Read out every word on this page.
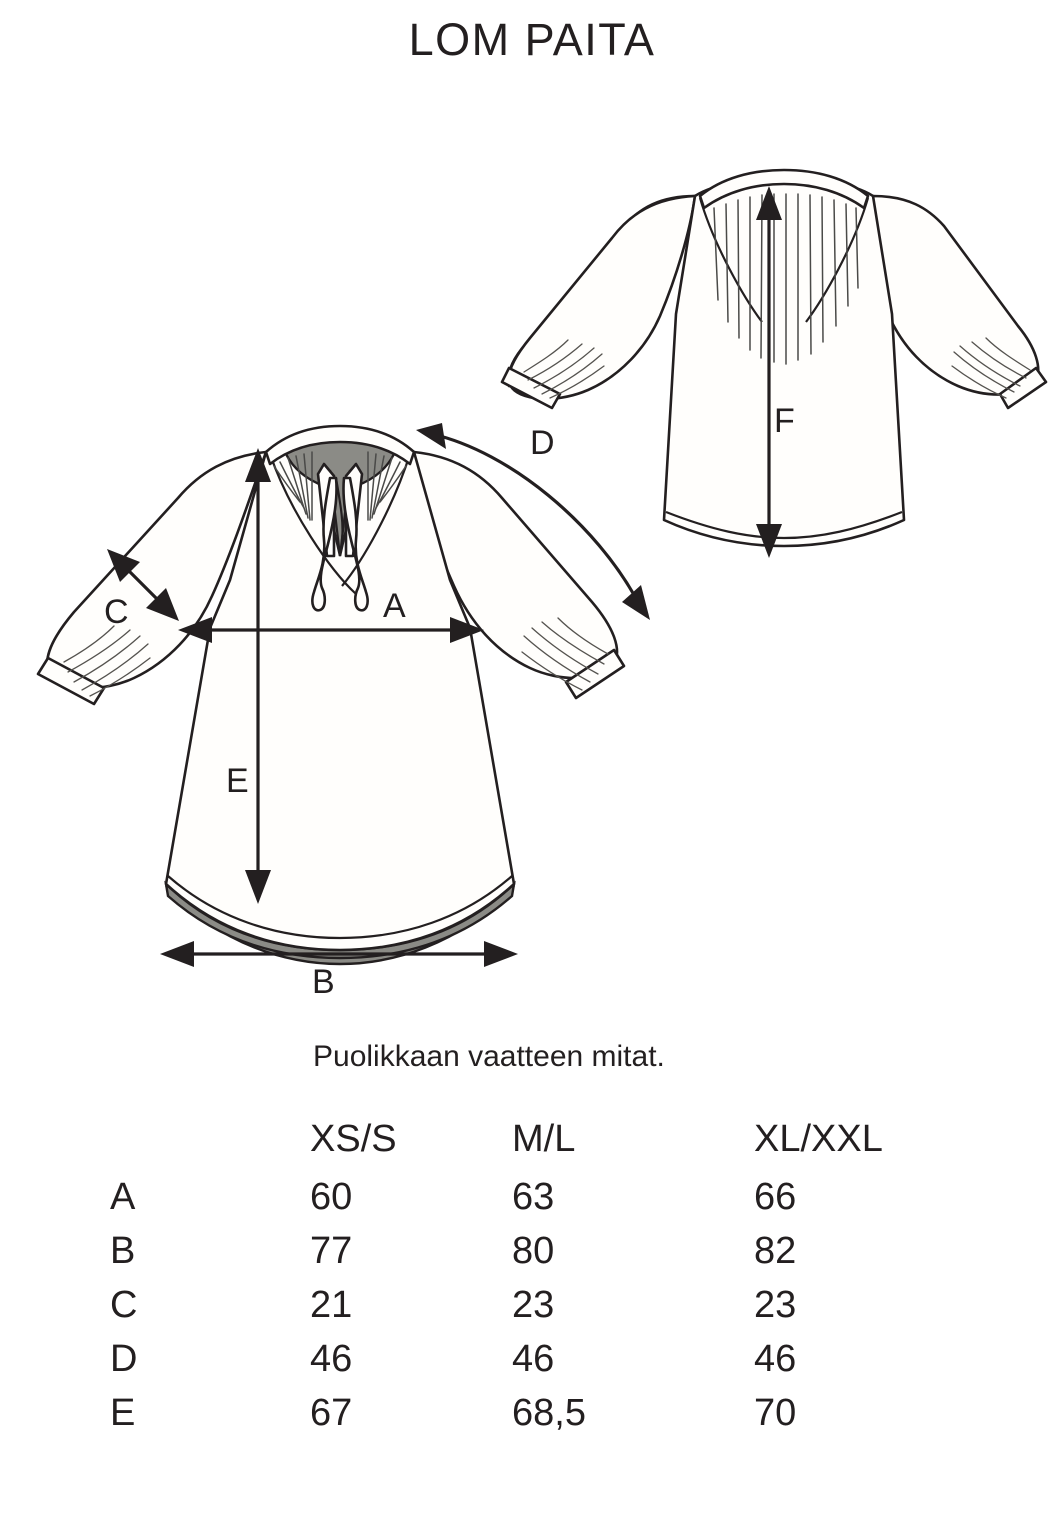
LOM PAITA
F
A
B
C
D
E
Puolikkaan vaatteen mitat.
XS/S	M/L	XL/XXL
A	60	63	66
B	77	80	82
C	21	23	23
D	46	46	46
E	67	68,5	70
